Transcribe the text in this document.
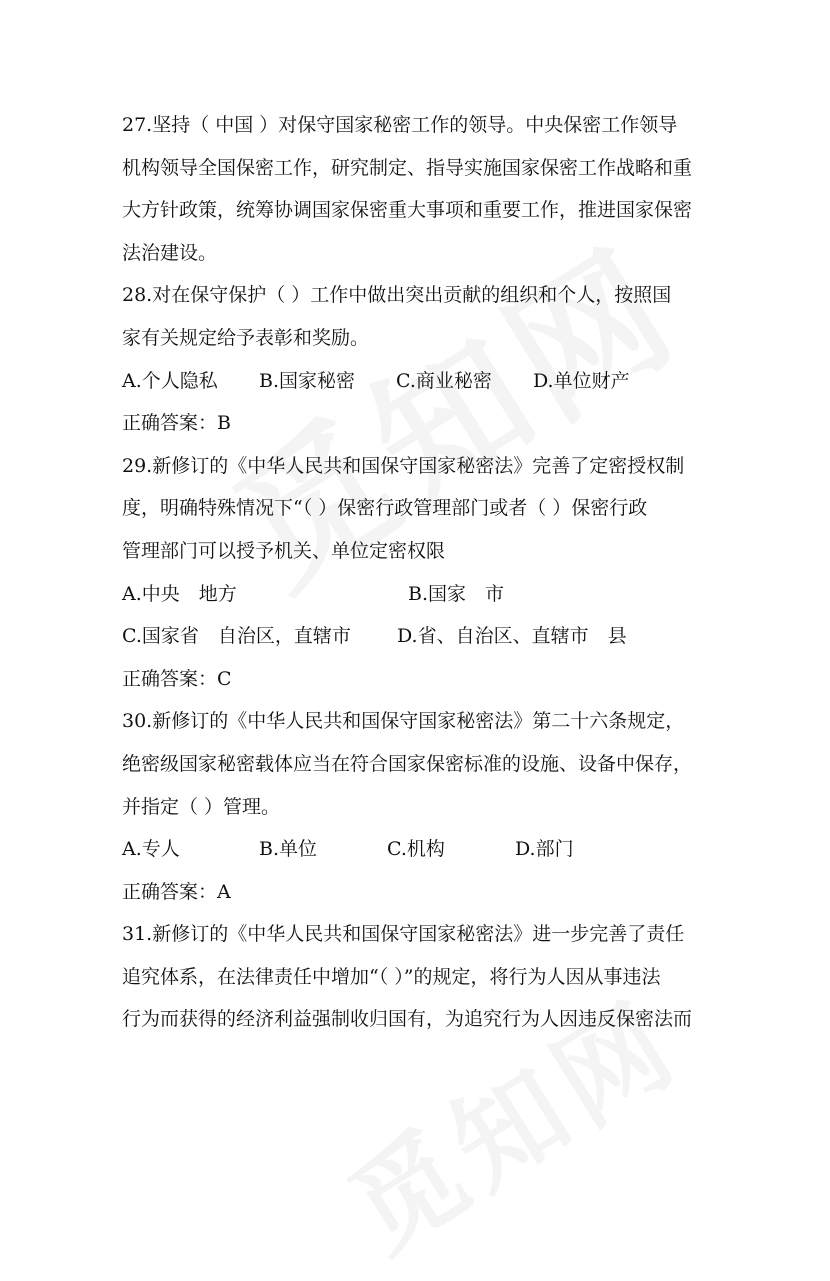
27.坚持（ 中国 ）对保守国家秘密工作的领导。中央保密工作领导
机构领导全国保密工作，研究制定、指导实施国家保密工作战略和重
大方针政策，统筹协调国家保密重大事项和重要工作，推进国家保密
法治建设。
28.对在保守保护（ ）工作中做出突出贡献的组织和个人，按照国
家有关规定给予表彰和奖励。
A.个人隐私 B.国家秘密 C.商业秘密 D.单位财产
正确答案：B
29.新修订的《中华人民共和国保守国家秘密法》完善了定密授权制
度，明确特殊情况下“（ ）保密行政管理部门或者（ ）保密行政
管理部门可以授予机关、单位定密权限
A.中央　地方	B.国家　市
C.国家省　自治区，直辖市 D.省、自治区、直辖市　县
正确答案：C
30.新修订的《中华人民共和国保守国家秘密法》第二十六条规定，
绝密级国家秘密载体应当在符合国家保密标准的设施、设备中保存，
并指定（ ）管理。
A.专人	B.单位	C.机构	D.部门
正确答案：A
31.新修订的《中华人民共和国保守国家秘密法》进一步完善了责任
追究体系，在法律责任中增加“（ ）”的规定，将行为人因从事违法
行为而获得的经济利益强制收归国有，为追究行为人因违反保密法而
